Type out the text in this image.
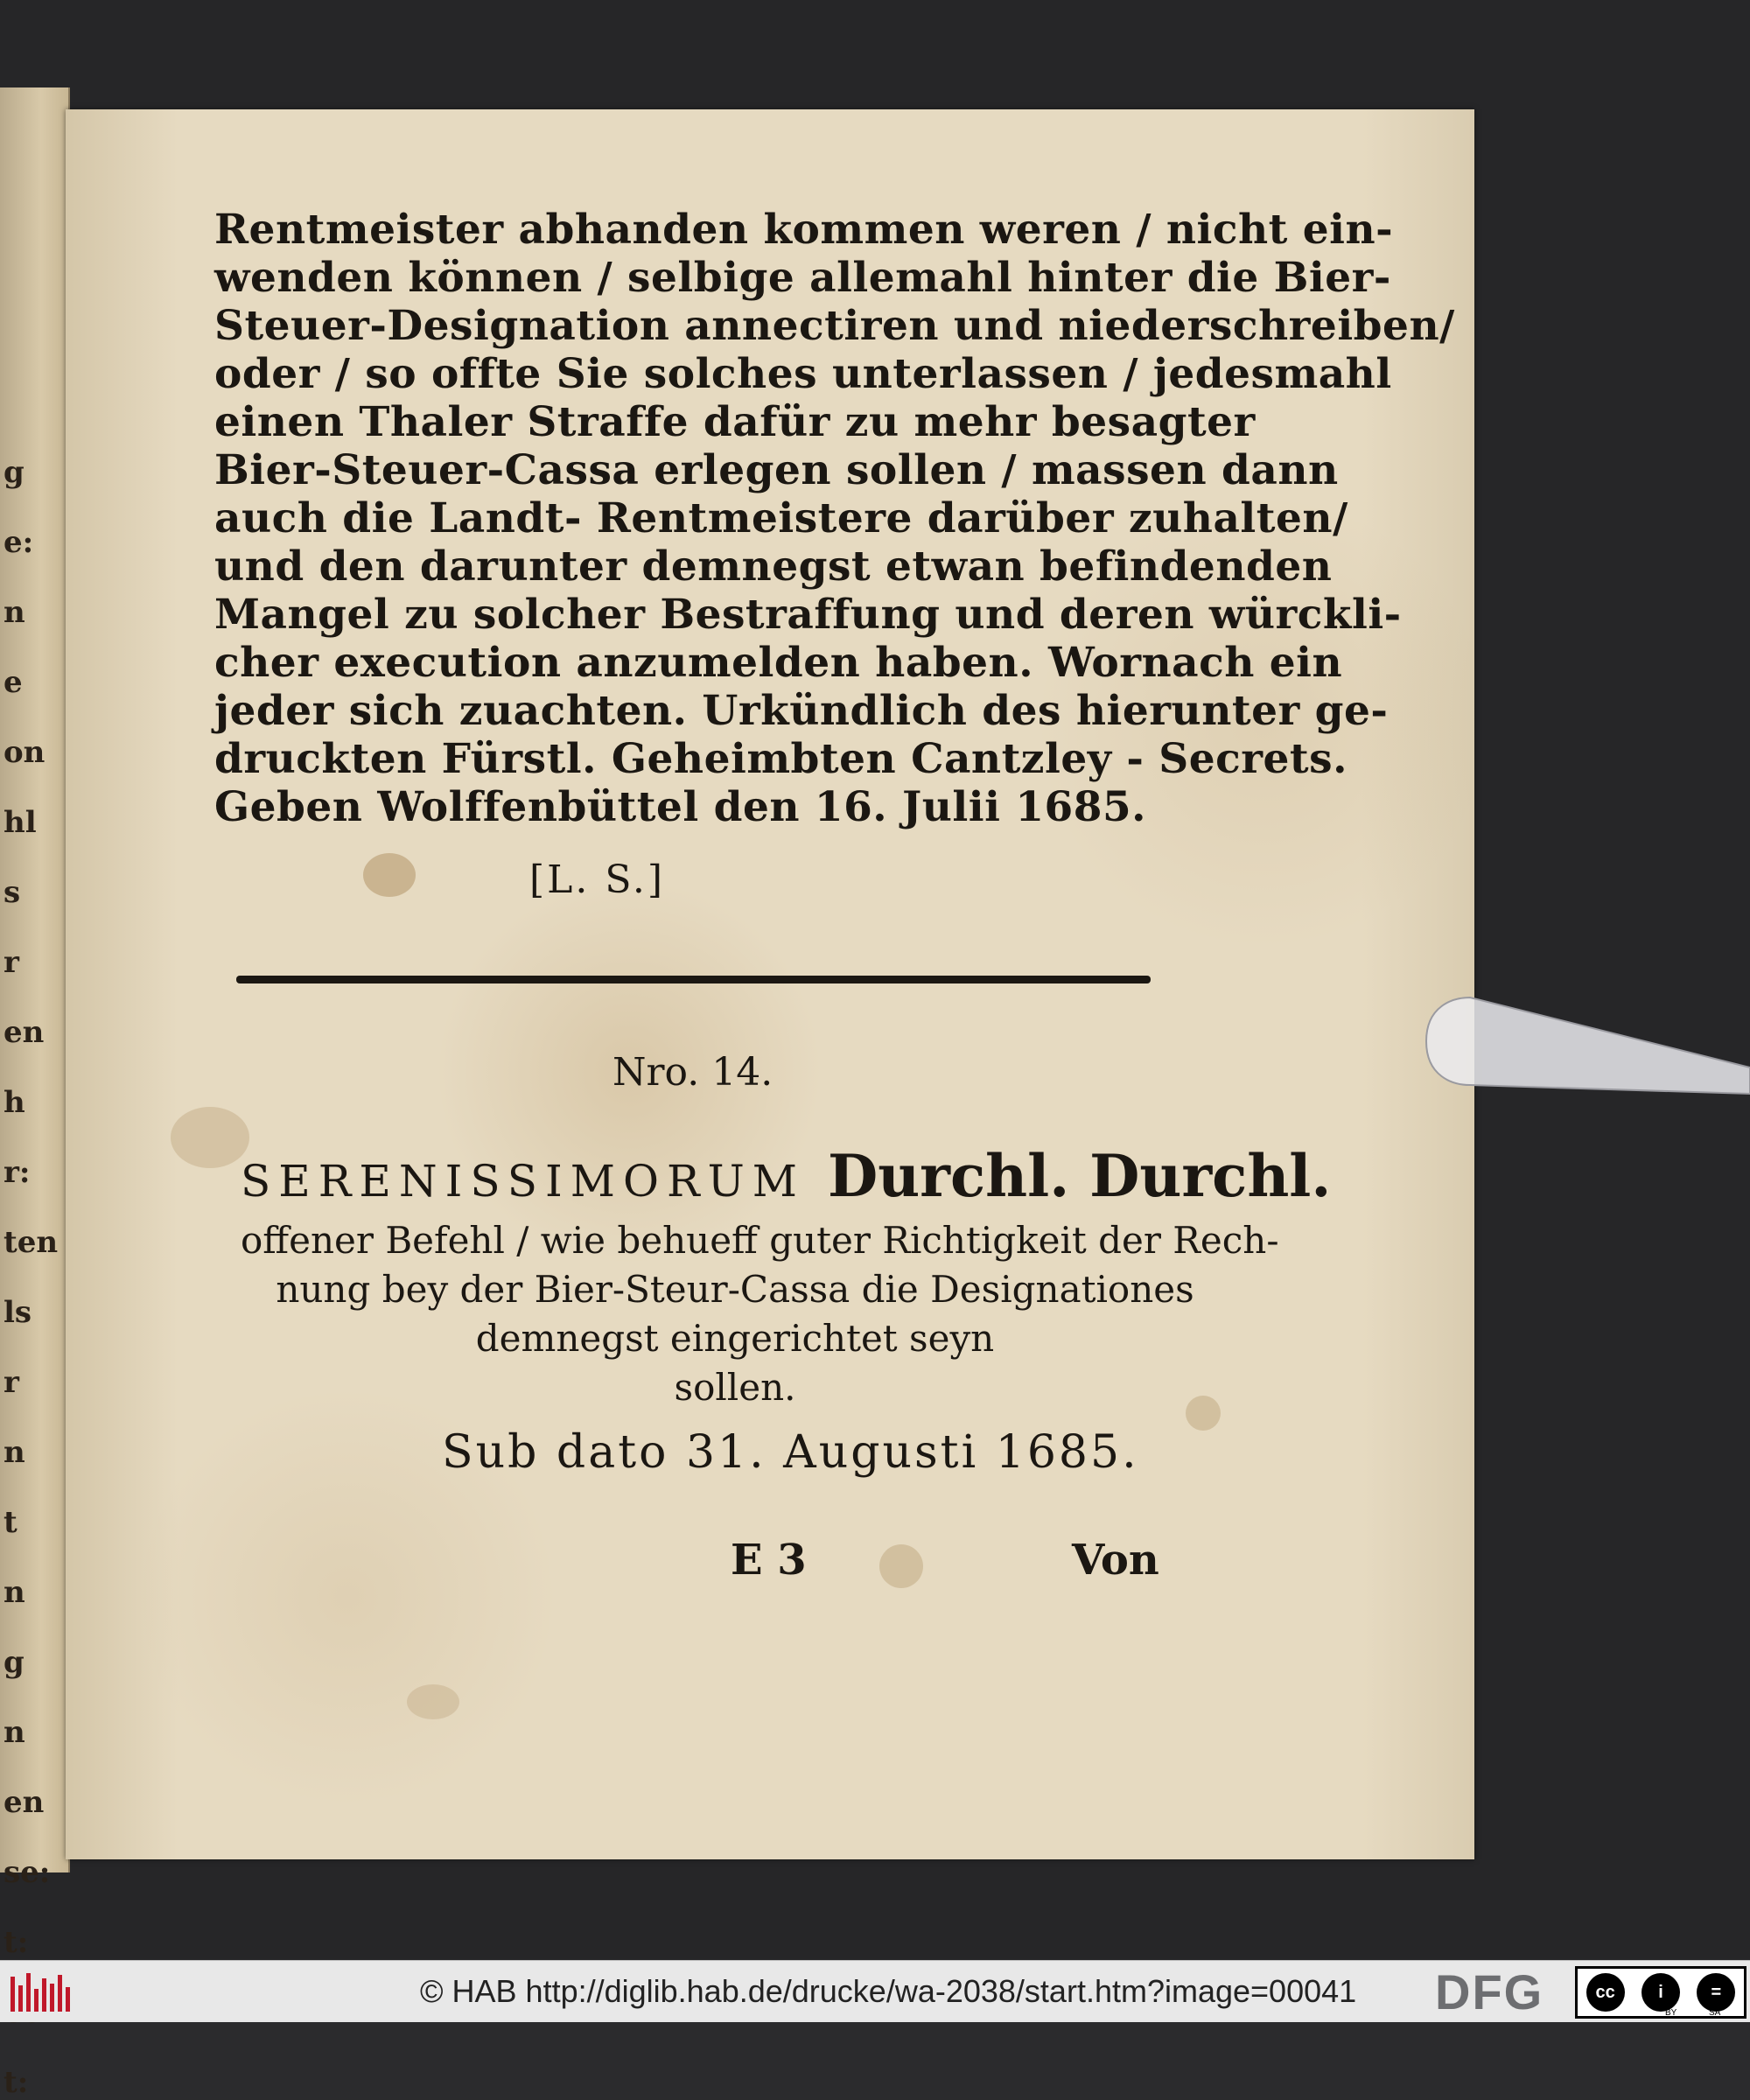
g
e:
n
e
on
hl
s
r
en
h
r:
ten
ls
r
n
t
n
g
n
en
se:
t:
t:
Rentmeister abhanden kommen weren / nicht ein-
wenden können / selbige allemahl hinter die Bier-
Steuer-Designation annectiren und niederschreiben/
oder / so offte Sie solches unterlassen / jedesmahl
einen Thaler Straffe dafür zu mehr besagter
Bier-Steuer-Cassa erlegen sollen / massen dann
auch die Landt- Rentmeistere darüber zuhalten/
und den darunter demnegst etwan befindenden
Mangel zu solcher Bestraffung und deren würckli-
cher execution anzumelden haben. Wornach ein
jeder sich zuachten. Urkündlich des hierunter ge-
druckten Fürstl. Geheimbten Cantzley - Secrets.
Geben Wolffenbüttel den 16. Julii 1685.
[L. S.]
Nro. 14.
SERENISSIMORUM Durchl. Durchl.
offener Befehl / wie behueff guter Richtigkeit der Rech-
nung bey der Bier-Steur-Cassa die Designationes
demnegst eingerichtet seyn
sollen.
Sub dato 31. Augusti 1685.
E 3	Von
© HAB http://diglib.hab.de/drucke/wa-2038/start.htm?image=00041 DFG	cc	i	=
BY	SA
